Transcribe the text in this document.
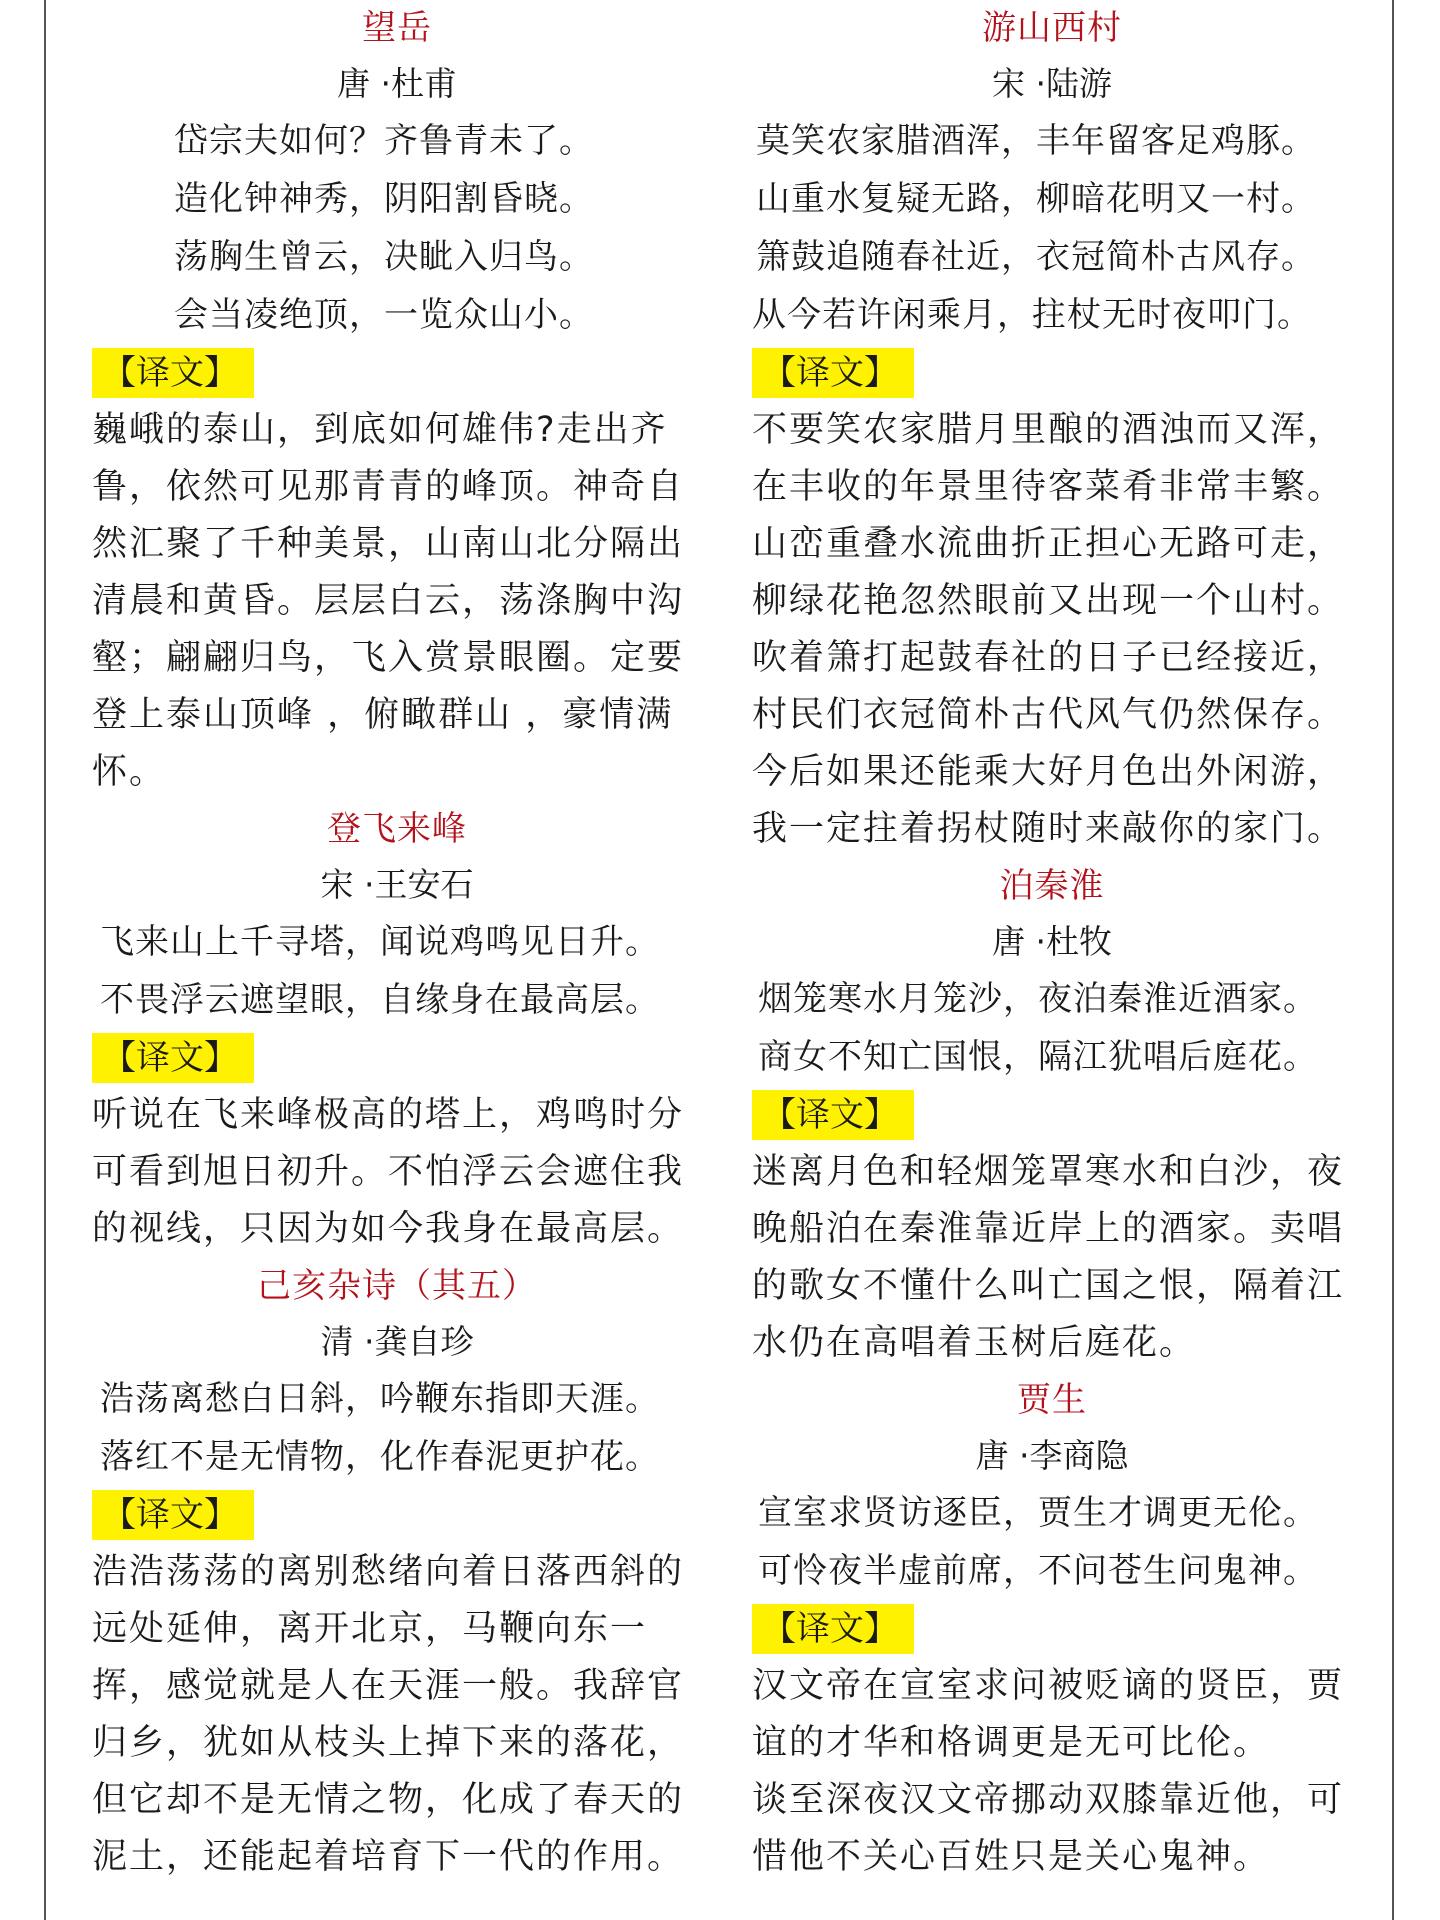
望岳
唐 ·杜甫
岱宗夫如何？齐鲁青未了。
造化钟神秀，阴阳割昏晓。
荡胸生曾云，决眦入归鸟。
会当凌绝顶，一览众山小。
【译文】
巍峨的泰山，到底如何雄伟?走出齐
鲁，依然可见那青青的峰顶。神奇自
然汇聚了千种美景，山南山北分隔出
清晨和黄昏。层层白云，荡涤胸中沟
壑；翩翩归鸟，飞入赏景眼圈。定要
登上泰山顶峰 ，俯瞰群山 ，豪情满
怀。
登飞来峰
宋 ·王安石
飞来山上千寻塔，闻说鸡鸣见日升。
不畏浮云遮望眼，自缘身在最高层。
【译文】
听说在飞来峰极高的塔上，鸡鸣时分
可看到旭日初升。不怕浮云会遮住我
的视线，只因为如今我身在最高层。
己亥杂诗（其五）
清 ·龚自珍
浩荡离愁白日斜，吟鞭东指即天涯。
落红不是无情物，化作春泥更护花。
【译文】
浩浩荡荡的离别愁绪向着日落西斜的
远处延伸，离开北京，马鞭向东一
挥，感觉就是人在天涯一般。我辞官
归乡，犹如从枝头上掉下来的落花，
但它却不是无情之物，化成了春天的
泥土，还能起着培育下一代的作用。
游山西村
宋 ·陆游
莫笑农家腊酒浑，丰年留客足鸡豚。
山重水复疑无路，柳暗花明又一村。
箫鼓追随春社近，衣冠简朴古风存。
从今若许闲乘月，拄杖无时夜叩门。
【译文】
不要笑农家腊月里酿的酒浊而又浑，
在丰收的年景里待客菜肴非常丰繁。
山峦重叠水流曲折正担心无路可走，
柳绿花艳忽然眼前又出现一个山村。
吹着箫打起鼓春社的日子已经接近，
村民们衣冠简朴古代风气仍然保存。
今后如果还能乘大好月色出外闲游，
我一定拄着拐杖随时来敲你的家门。
泊秦淮
唐 ·杜牧
烟笼寒水月笼沙，夜泊秦淮近酒家。
商女不知亡国恨，隔江犹唱后庭花。
【译文】
迷离月色和轻烟笼罩寒水和白沙，夜
晚船泊在秦淮靠近岸上的酒家。卖唱
的歌女不懂什么叫亡国之恨，隔着江
水仍在高唱着玉树后庭花。
贾生
唐 ·李商隐
宣室求贤访逐臣，贾生才调更无伦。
可怜夜半虚前席，不问苍生问鬼神。
【译文】
汉文帝在宣室求问被贬谪的贤臣，贾
谊的才华和格调更是无可比伦。
谈至深夜汉文帝挪动双膝靠近他，可
惜他不关心百姓只是关心鬼神。
